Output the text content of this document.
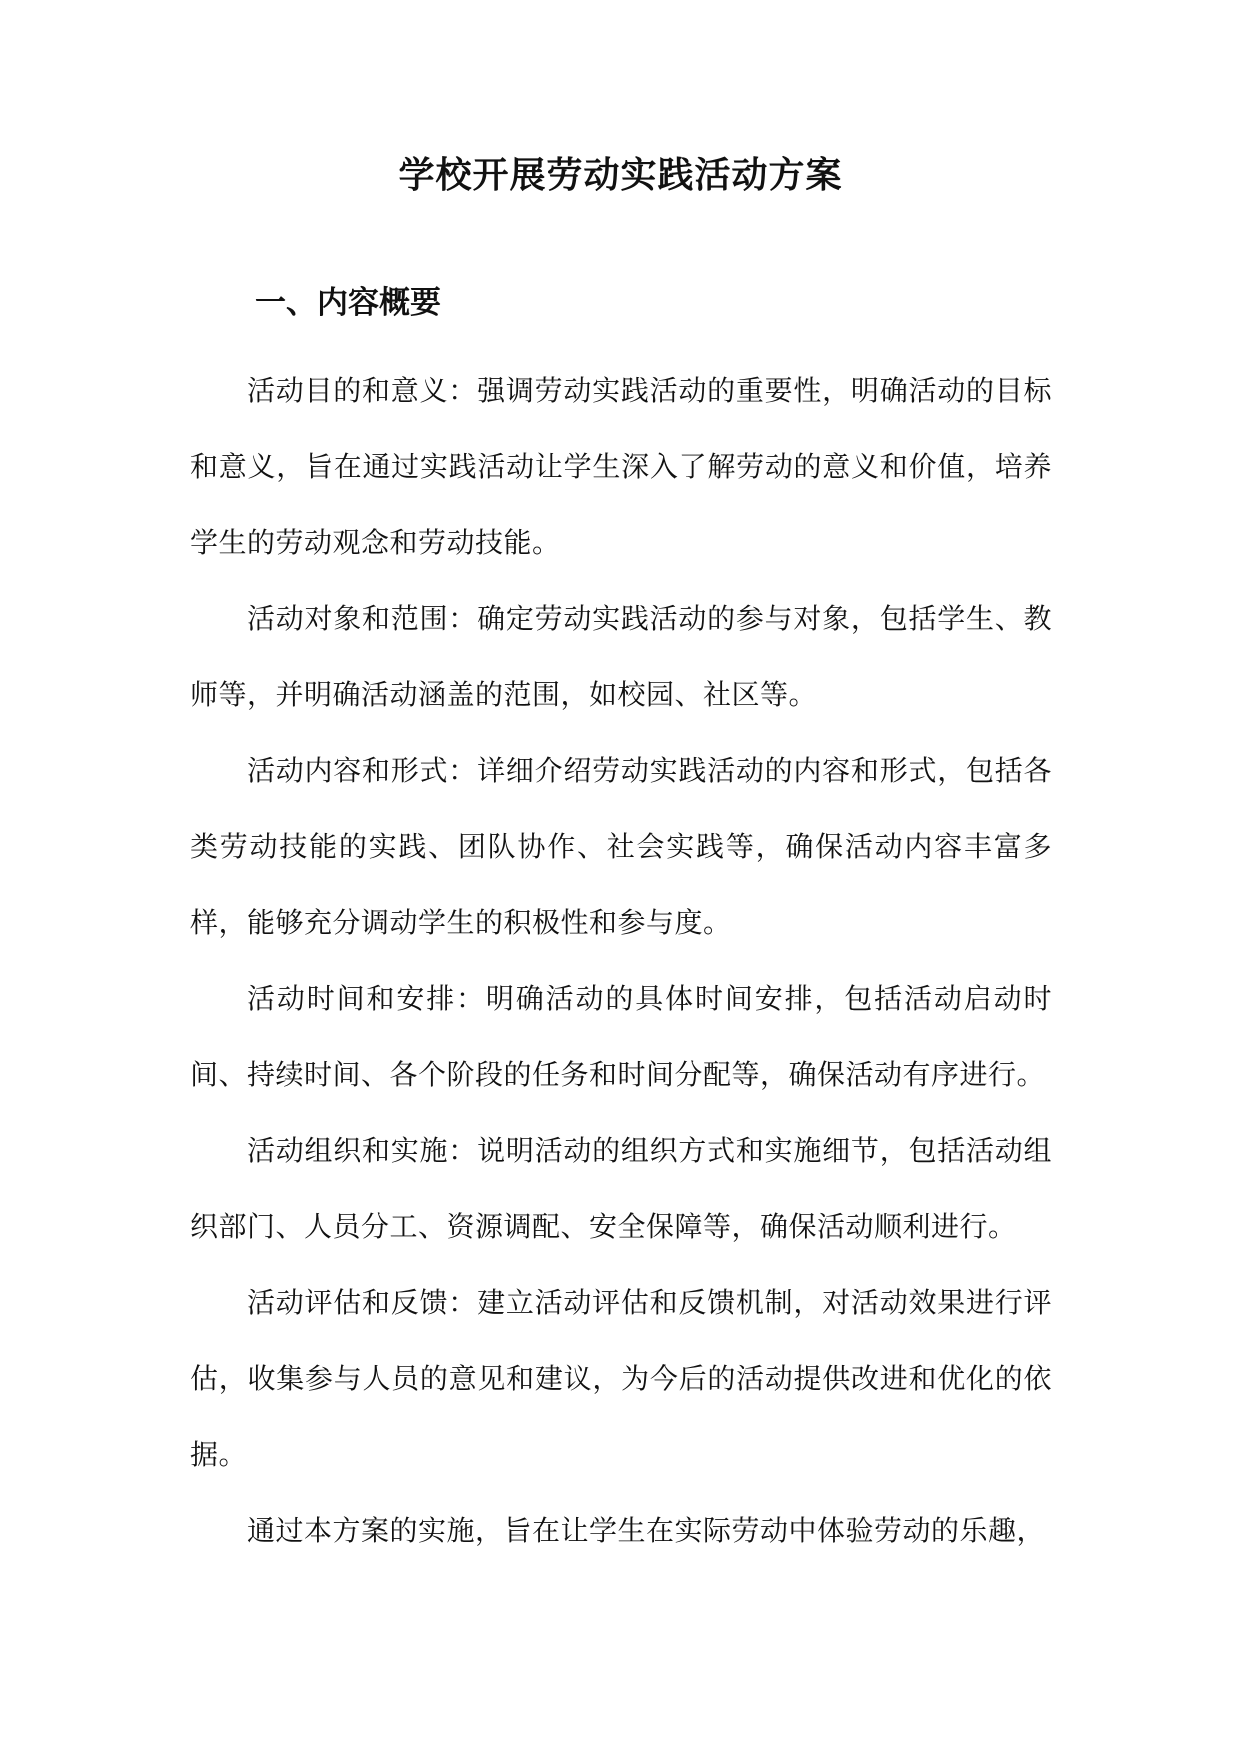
学校开展劳动实践活动方案
一、内容概要

活动目的和意义：强调劳动实践活动的重要性，明确活动的目标和意义，旨在通过实践活动让学生深入了解劳动的意义和价值，培养学生的劳动观念和劳动技能。

活动对象和范围：确定劳动实践活动的参与对象，包括学生、教师等，并明确活动涵盖的范围，如校园、社区等。

活动内容和形式：详细介绍劳动实践活动的内容和形式，包括各类劳动技能的实践、团队协作、社会实践等，确保活动内容丰富多样，能够充分调动学生的积极性和参与度。

活动时间和安排：明确活动的具体时间安排，包括活动启动时间、持续时间、各个阶段的任务和时间分配等，确保活动有序进行。

活动组织和实施：说明活动的组织方式和实施细节，包括活动组织部门、人员分工、资源调配、安全保障等，确保活动顺利进行。

活动评估和反馈：建立活动评估和反馈机制，对活动效果进行评估，收集参与人员的意见和建议，为今后的活动提供改进和优化的依据。

通过本方案的实施，旨在让学生在实际劳动中体验劳动的乐趣，
